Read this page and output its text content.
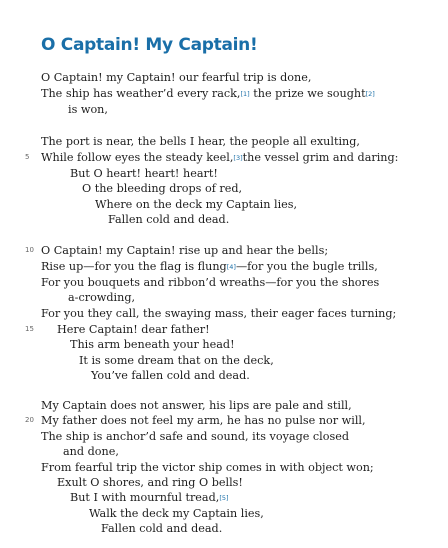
O Captain! My Captain!
O Captain! my Captain! our fearful trip is done,
The ship has weather’d every rack,[1] the prize we sought[2]
is won,
The port is near, the bells I hear, the people all exulting,
5 While follow eyes the steady keel,[3]the vessel grim and daring:
But O heart! heart! heart!
O the bleeding drops of red,
Where on the deck my Captain lies,
Fallen cold and dead.
10 O Captain! my Captain! rise up and hear the bells;
Rise up—for you the flag is flung[4]—for you the bugle trills,
For you bouquets and ribbon’d wreaths—for you the shores
a-crowding,
For you they call, the swaying mass, their eager faces turning;
15 Here Captain! dear father!
This arm beneath your head!
It is some dream that on the deck,
You’ve fallen cold and dead.
My Captain does not answer, his lips are pale and still,
20 My father does not feel my arm, he has no pulse nor will,
The ship is anchor’d safe and sound, its voyage closed
and done,
From fearful trip the victor ship comes in with object won;
Exult O shores, and ring O bells!
But I with mournful tread,[5]
Walk the deck my Captain lies,
Fallen cold and dead.
